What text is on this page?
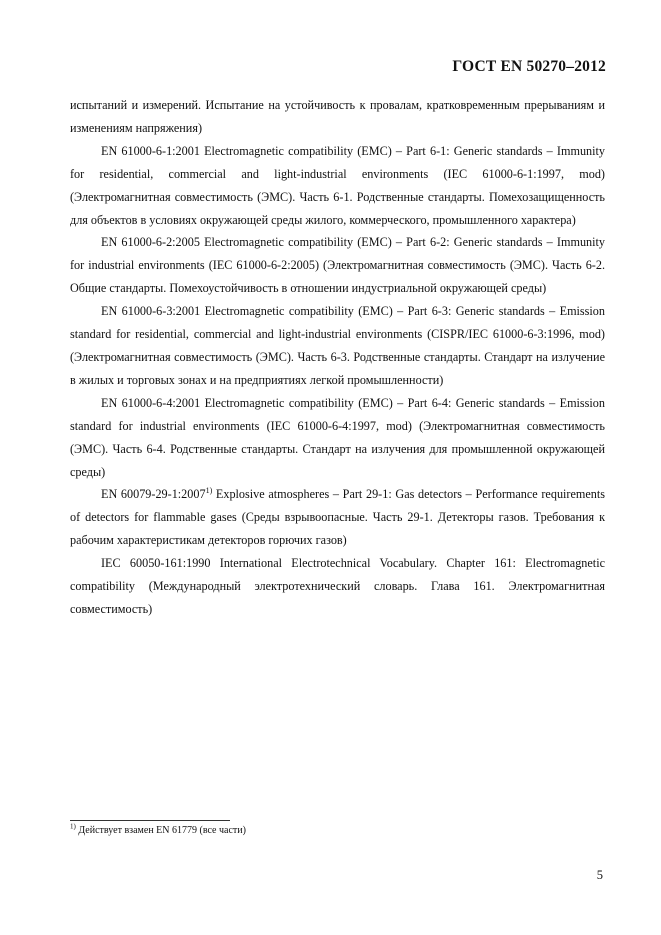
ГОСТ EN 50270–2012

испытаний и измерений. Испытание на устойчивость к провалам, кратковременным прерываниям и изменениям напряжения)

EN 61000-6-1:2001 Electromagnetic compatibility (EMC) – Part 6-1: Generic standards – Immunity for residential, commercial and light-industrial environments (IEC 61000-6-1:1997, mod) (Электромагнитная совместимость (ЭМС). Часть 6-1. Родственные стандарты. Помехозащищенность для объектов в условиях окружающей среды жилого, коммерческого, промышленного характера)

EN 61000-6-2:2005 Electromagnetic compatibility (EMC) – Part 6-2: Generic standards – Immunity for industrial environments (IEC 61000-6-2:2005) (Электромагнитная совместимость (ЭМС). Часть 6-2. Общие стандарты. Помехоустойчивость в отношении индустриальной окружающей среды)

EN 61000-6-3:2001 Electromagnetic compatibility (EMC) – Part 6-3: Generic standards – Emission standard for residential, commercial and light-industrial environments (CISPR/IEC 61000-6-3:1996, mod) (Электромагнитная совместимость (ЭМС). Часть 6-3. Родственные стандарты. Стандарт на излучение в жилых и торговых зонах и на предприятиях легкой промышленности)

EN 61000-6-4:2001 Electromagnetic compatibility (EMC) – Part 6-4: Generic standards – Emission standard for industrial environments (IEC 61000-6-4:1997, mod) (Электромагнитная совместимость (ЭМС). Часть 6-4. Родственные стандарты. Стандарт на излучения для промышленной окружающей среды)

EN 60079-29-1:2007$^{1)}$ Explosive atmospheres – Part 29-1: Gas detectors – Performance requirements of detectors for flammable gases (Среды взрывоопасные. Часть 29-1. Детекторы газов. Требования к рабочим характеристикам детекторов горючих газов)

IEC 60050-161:1990 International Electrotechnical Vocabulary. Chapter 161: Electromagnetic compatibility (Международный электротехнический словарь. Глава 161. Электромагнитная совместимость)

$^{1)}$ Действует взамен EN 61779 (все части)
5
